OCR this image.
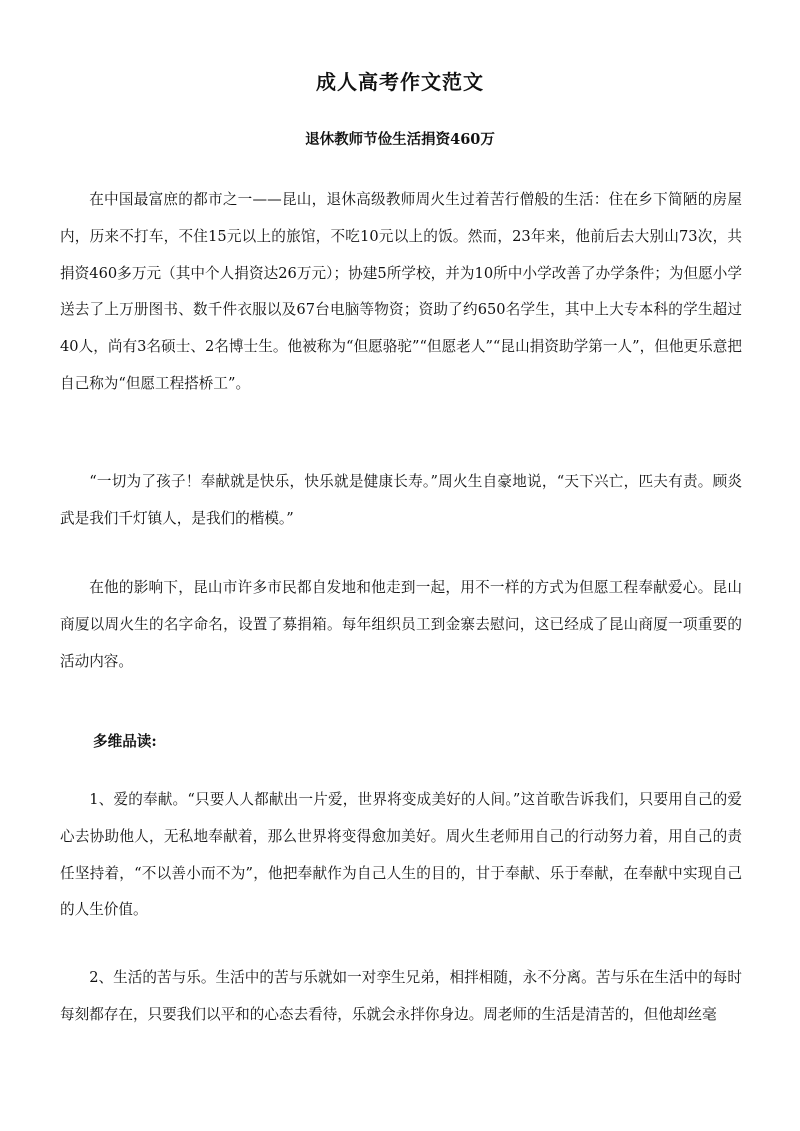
成人高考作文范文
退休教师节俭生活捐资460万

在中国最富庶的都市之一——昆山，退休高级教师周火生过着苦行僧般的生活：住在乡下简陋的房屋内，历来不打车，不住15元以上的旅馆，不吃10元以上的饭。然而，23年来，他前后去大别山73次，共捐资460多万元（其中个人捐资达26万元）；协建5所学校，并为10所中小学改善了办学条件；为但愿小学送去了上万册图书、数千件衣服以及67台电脑等物资；资助了约650名学生，其中上大专本科的学生超过40人，尚有3名硕士、2名博士生。他被称为“但愿骆驼”“但愿老人”“昆山捐资助学第一人”，但他更乐意把自己称为“但愿工程搭桥工”。

“一切为了孩子！奉献就是快乐，快乐就是健康长寿。”周火生自豪地说，“天下兴亡，匹夫有责。顾炎武是我们千灯镇人，是我们的楷模。”

在他的影响下，昆山市许多市民都自发地和他走到一起，用不一样的方式为但愿工程奉献爱心。昆山商厦以周火生的名字命名，设置了募捐箱。每年组织员工到金寨去慰问，这已经成了昆山商厦一项重要的活动内容。

多维品读:

1、爱的奉献。“只要人人都献出一片爱，世界将变成美好的人间。”这首歌告诉我们，只要用自己的爱心去协助他人，无私地奉献着，那么世界将变得愈加美好。周火生老师用自己的行动努力着，用自己的责任坚持着，“不以善小而不为”，他把奉献作为自己人生的目的，甘于奉献、乐于奉献，在奉献中实现自己的人生价值。

2、生活的苦与乐。生活中的苦与乐就如一对孪生兄弟，相拌相随，永不分离。苦与乐在生活中的每时每刻都存在，只要我们以平和的心态去看待，乐就会永拌你身边。周老师的生活是清苦的，但他却丝毫
